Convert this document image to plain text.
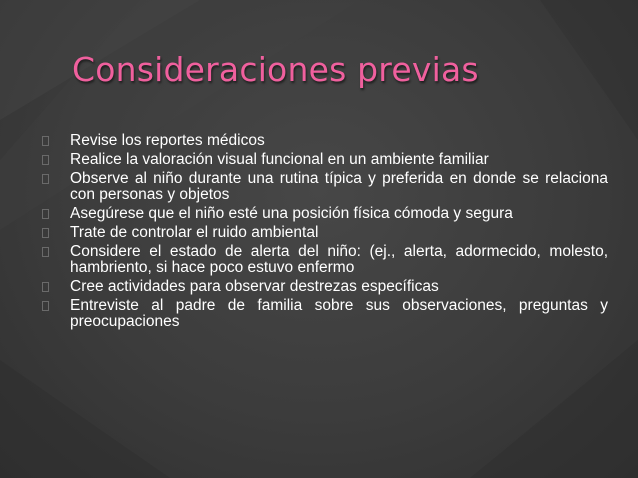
Consideraciones previas
Revise los reportes médicos
Realice la valoración visual funcional en un ambiente familiar
Observe al niño durante una rutina típica y preferida en donde se relaciona con personas y objetos
Asegúrese que el niño esté una posición física cómoda y segura
Trate de controlar el ruido ambiental
Considere el estado de alerta del niño: (ej., alerta, adormecido, molesto, hambriento, si hace poco estuvo enfermo
Cree actividades para observar destrezas específicas
Entreviste al padre de familia sobre sus observaciones, preguntas y preocupaciones
